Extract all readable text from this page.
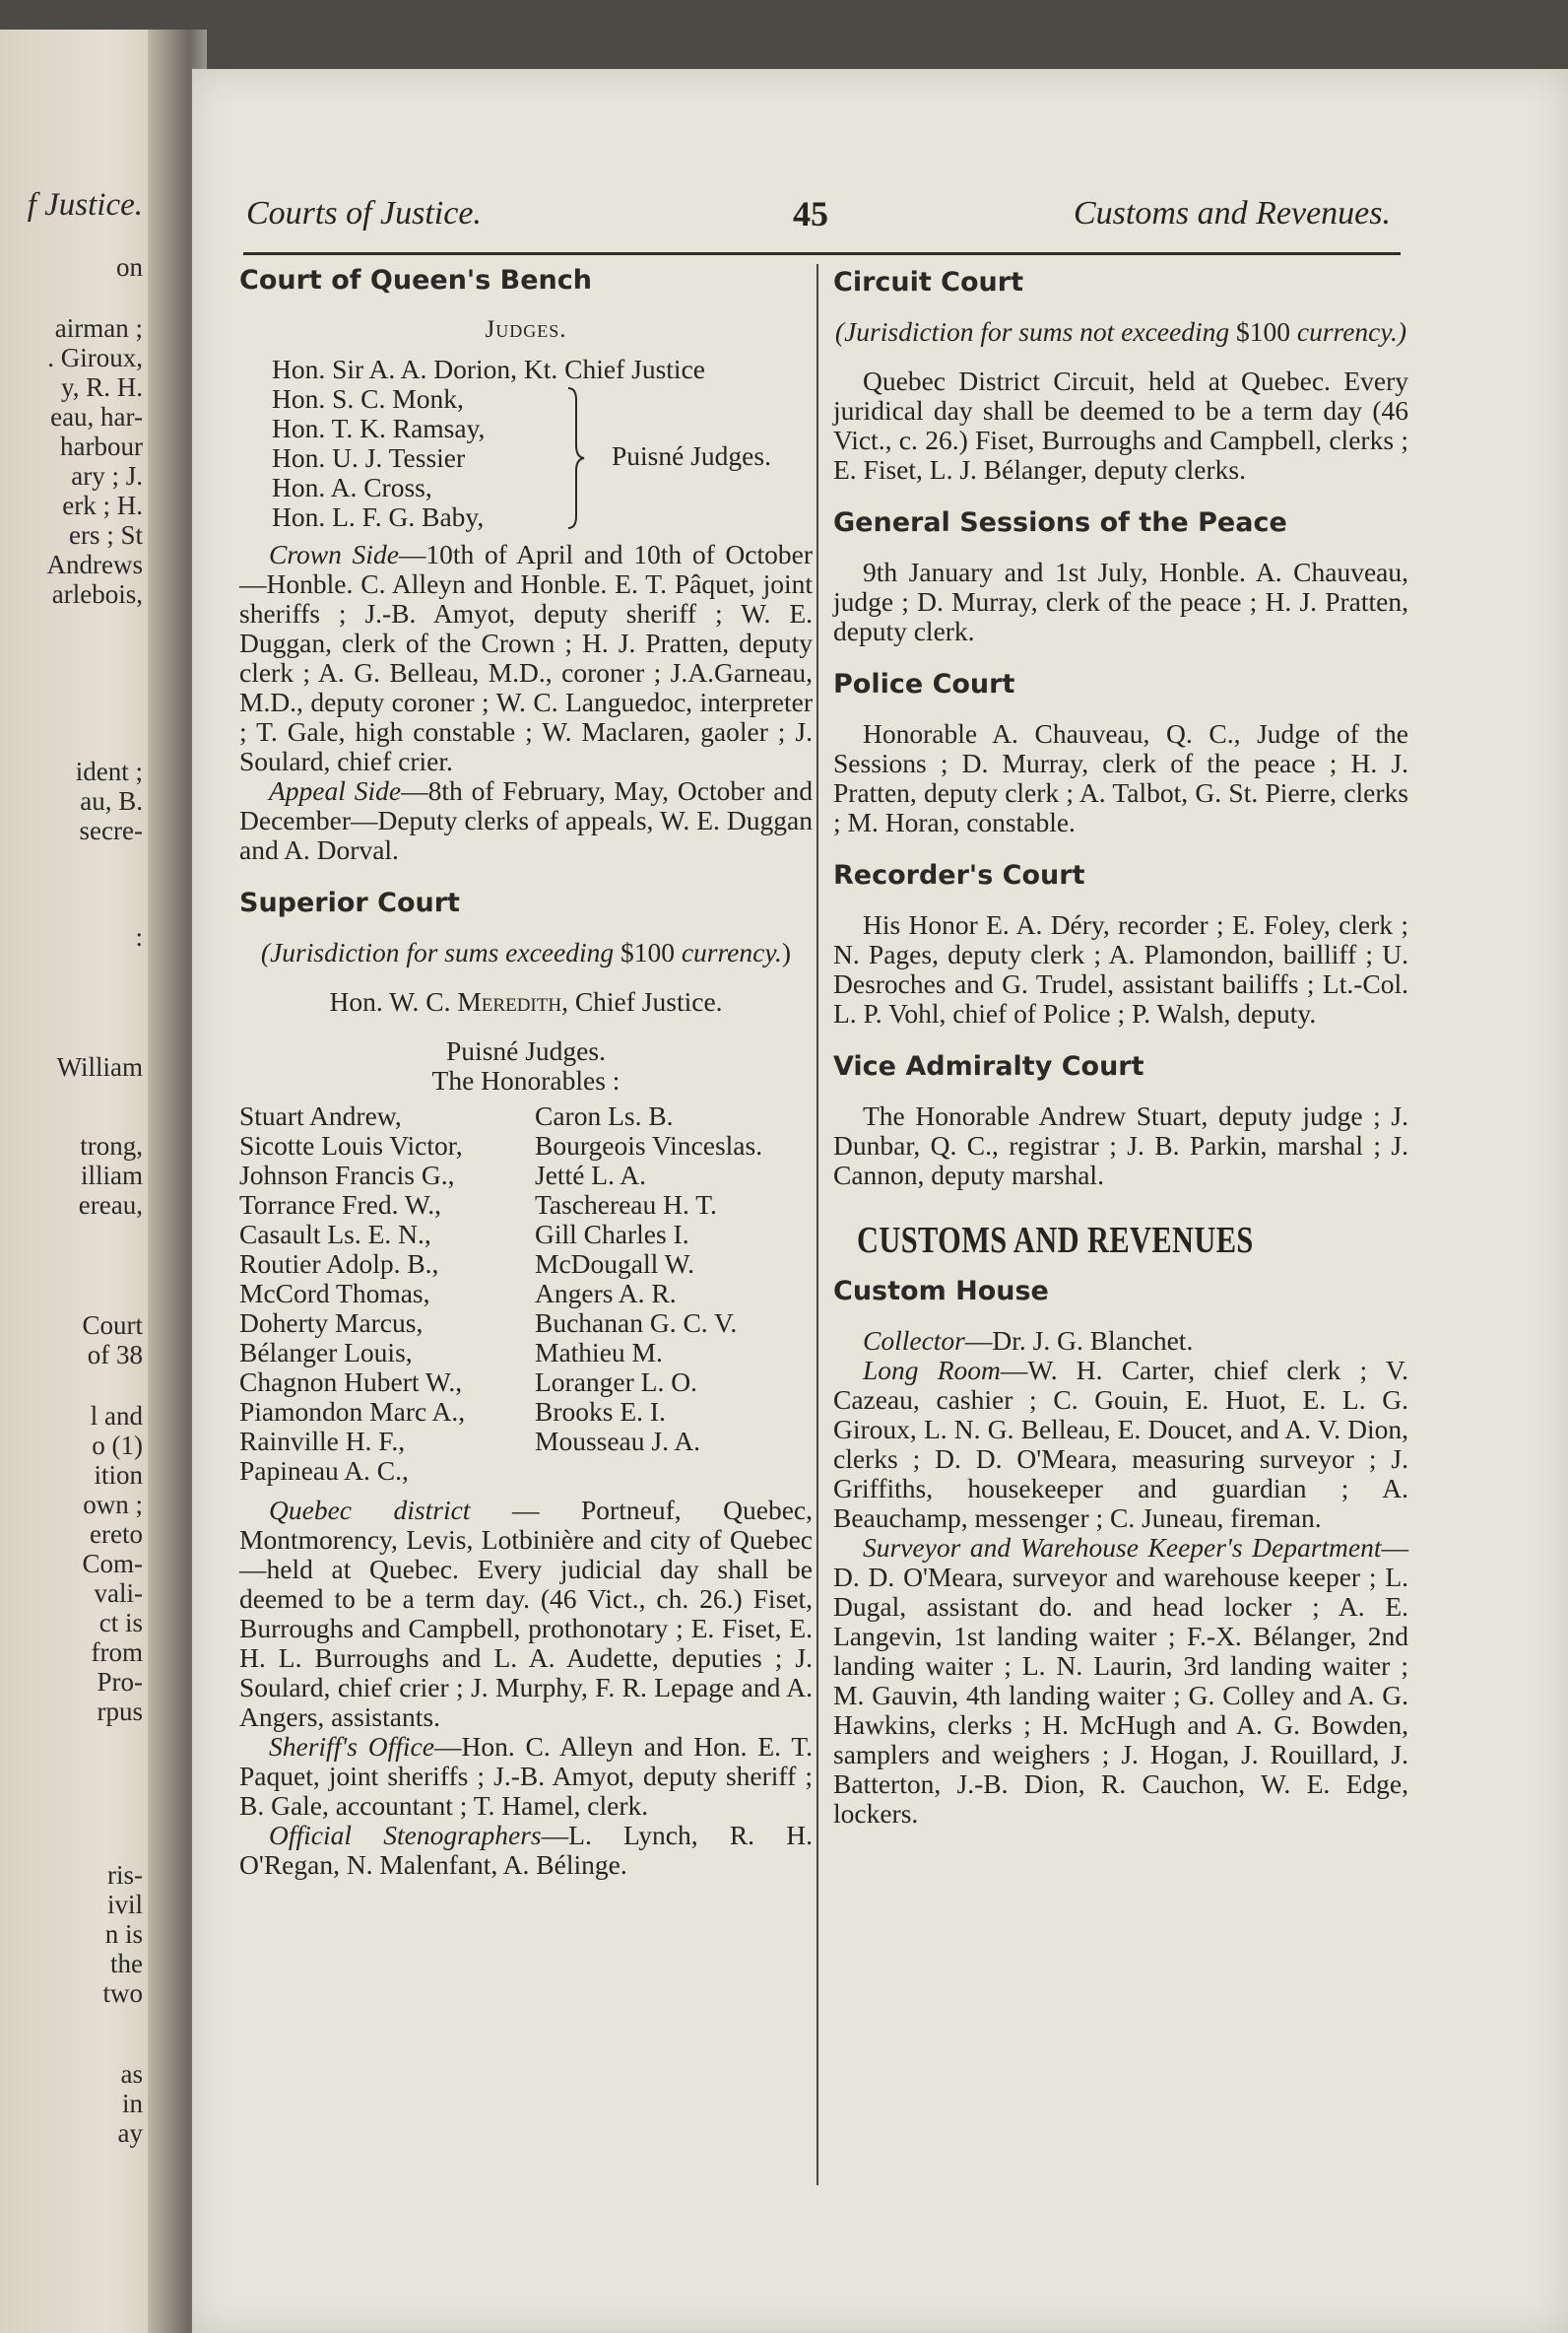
f Justice.
on
airman ;
. Giroux,
y, R. H.
eau, har-
harbour
ary ; J.
erk ; H.
ers ; St
Andrews
arlebois,
ident ;
au, B.
secre-
:
William
trong,
illiam
ereau,
Court
of 38
l and
o (1)
ition
own ;
ereto
Com-
vali-
ct is
from
Pro-
rpus
ris-
ivil
n is
the
two
as
in
ay
Courts of Justice.	45	Customs and Revenues.
Court of Queen's Bench
Judges.
Hon. Sir A. A. Dorion, Kt. Chief Justice
Hon. S. C. Monk,
Hon. T. K. Ramsay,
Hon. U. J. Tessier
Hon. A. Cross,
Hon. L. F. G. Baby,
Puisné Judges.
Crown Side—10th of April and 10th of October—Honble. C. Alleyn and Honble. E. T. Pâquet, joint sheriffs ; J.-B. Amyot, deputy sheriff ; W. E. Duggan, clerk of the Crown ; H. J. Pratten, deputy clerk ; A. G. Belleau, M.D., coroner ; J.A.Garneau, M.D., deputy coroner ; W. C. Languedoc, interpreter ; T. Gale, high constable ; W. Maclaren, gaoler ; J. Soulard, chief crier.
Appeal Side—8th of February, May, October and December—Deputy clerks of appeals, W. E. Duggan and A. Dorval.
Superior Court
(Jurisdiction for sums exceeding $100 currency.)
Hon. W. C. Meredith, Chief Justice.
Puisné Judges.
The Honorables :
Stuart Andrew,	Caron Ls. B.
Sicotte Louis Victor,	Bourgeois Vinceslas.
Johnson Francis G.,	Jetté L. A.
Torrance Fred. W.,	Taschereau H. T.
Casault Ls. E. N.,	Gill Charles I.
Routier Adolp. B.,	McDougall W.
McCord Thomas,	Angers A. R.
Doherty Marcus,	Buchanan G. C. V.
Bélanger Louis,	Mathieu M.
Chagnon Hubert W.,	Loranger L. O.
Piamondon Marc A.,	Brooks E. I.
Rainville H. F.,	Mousseau J. A.
Papineau A. C.,
Quebec district — Portneuf, Quebec, Montmorency, Levis, Lotbinière and city of Quebec—held at Quebec. Every judicial day shall be deemed to be a term day. (46 Vict., ch. 26.) Fiset, Burroughs and Campbell, prothonotary ; E. Fiset, E. H. L. Burroughs and L. A. Audette, deputies ; J. Soulard, chief crier ; J. Murphy, F. R. Lepage and A. Angers, assistants.
Sheriff's Office—Hon. C. Alleyn and Hon. E. T. Paquet, joint sheriffs ; J.-B. Amyot, deputy sheriff ; B. Gale, accountant ; T. Hamel, clerk.
Official Stenographers—L. Lynch, R. H. O'Regan, N. Malenfant, A. Bélinge.
Circuit Court
(Jurisdiction for sums not exceeding $100 currency.)
Quebec District Circuit, held at Quebec. Every juridical day shall be deemed to be a term day (46 Vict., c. 26.) Fiset, Burroughs and Campbell, clerks ; E. Fiset, L. J. Bélanger, deputy clerks.
General Sessions of the Peace
9th January and 1st July, Honble. A. Chauveau, judge ; D. Murray, clerk of the peace ; H. J. Pratten, deputy clerk.
Police Court
Honorable A. Chauveau, Q. C., Judge of the Sessions ; D. Murray, clerk of the peace ; H. J. Pratten, deputy clerk ; A. Talbot, G. St. Pierre, clerks ; M. Horan, constable.
Recorder's Court
His Honor E. A. Déry, recorder ; E. Foley, clerk ; N. Pages, deputy clerk ; A. Plamondon, bailliff ; U. Desroches and G. Trudel, assistant bailiffs ; Lt.-Col. L. P. Vohl, chief of Police ; P. Walsh, deputy.
Vice Admiralty Court
The Honorable Andrew Stuart, deputy judge ; J. Dunbar, Q. C., registrar ; J. B. Parkin, marshal ; J. Cannon, deputy marshal.
CUSTOMS AND REVENUES
Custom House
Collector—Dr. J. G. Blanchet.
Long Room—W. H. Carter, chief clerk ; V. Cazeau, cashier ; C. Gouin, E. Huot, E. L. G. Giroux, L. N. G. Belleau, E. Doucet, and A. V. Dion, clerks ; D. D. O'Meara, measuring surveyor ; J. Griffiths, housekeeper and guardian ; A. Beauchamp, messenger ; C. Juneau, fireman.
Surveyor and Warehouse Keeper's Department—D. D. O'Meara, surveyor and warehouse keeper ; L. Dugal, assistant do. and head locker ; A. E. Langevin, 1st landing waiter ; F.-X. Bélanger, 2nd landing waiter ; L. N. Laurin, 3rd landing waiter ; M. Gauvin, 4th landing waiter ; G. Colley and A. G. Hawkins, clerks ; H. McHugh and A. G. Bowden, samplers and weighers ; J. Hogan, J. Rouillard, J. Batterton, J.-B. Dion, R. Cauchon, W. E. Edge, lockers.
